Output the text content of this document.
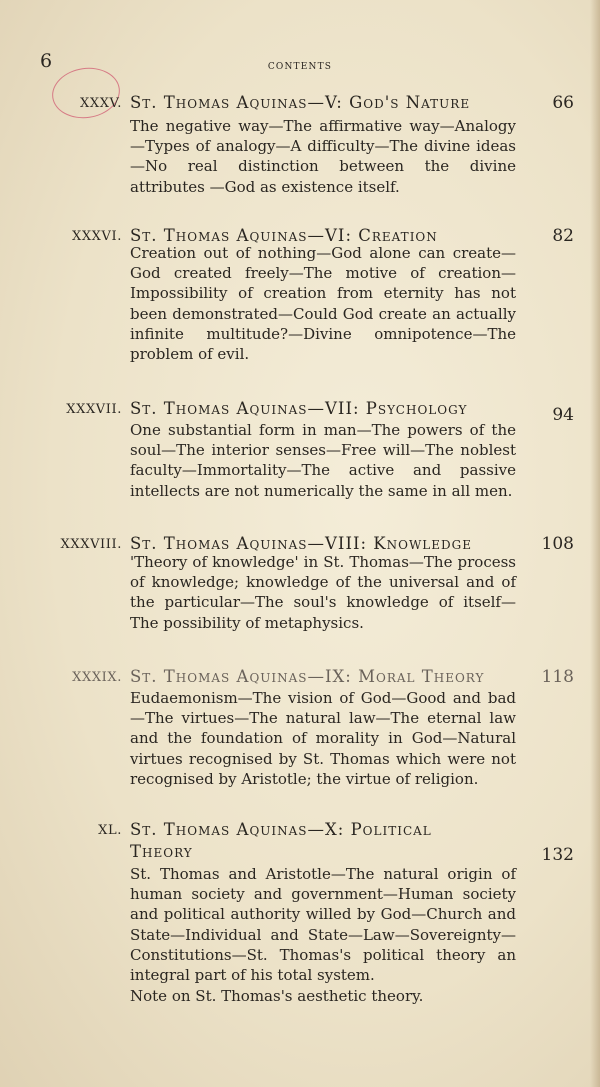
6	contents
XXXV. St. Thomas Aquinas—V: God's Nature	66
The negative way—The affirmative way—Analogy —Types of analogy—A difficulty—The divine ideas —No real distinction between the divine attributes —God as existence itself.
XXXVI. St. Thomas Aquinas—VI: Creation	82
Creation out of nothing—God alone can create— God created freely—The motive of creation—Impossibility of creation from eternity has not been demonstrated—Could God create an actually infinite multitude?—Divine omnipotence—The problem of evil.
XXXVII. St. Thomas Aquinas—VII: Psychology	94
One substantial form in man—The powers of the soul—The interior senses—Free will—The noblest faculty—Immortality—The active and passive intellects are not numerically the same in all men.
XXXVIII. St. Thomas Aquinas—VIII: Knowledge	108
'Theory of knowledge' in St. Thomas—The process of knowledge; knowledge of the universal and of the particular—The soul's knowledge of itself—The possibility of metaphysics.
XXXIX. St. Thomas Aquinas—IX: Moral Theory	118
Eudaemonism—The vision of God—Good and bad —The virtues—The natural law—The eternal law and the foundation of morality in God—Natural virtues recognised by St. Thomas which were not recognised by Aristotle; the virtue of religion.
XL. St. Thomas Aquinas—X: Political Theory	132
St. Thomas and Aristotle—The natural origin of human society and government—Human society and political authority willed by God—Church and State—Individual and State—Law—Sovereignty— Constitutions—St. Thomas's political theory an integral part of his total system.
Note on St. Thomas's aesthetic theory.
